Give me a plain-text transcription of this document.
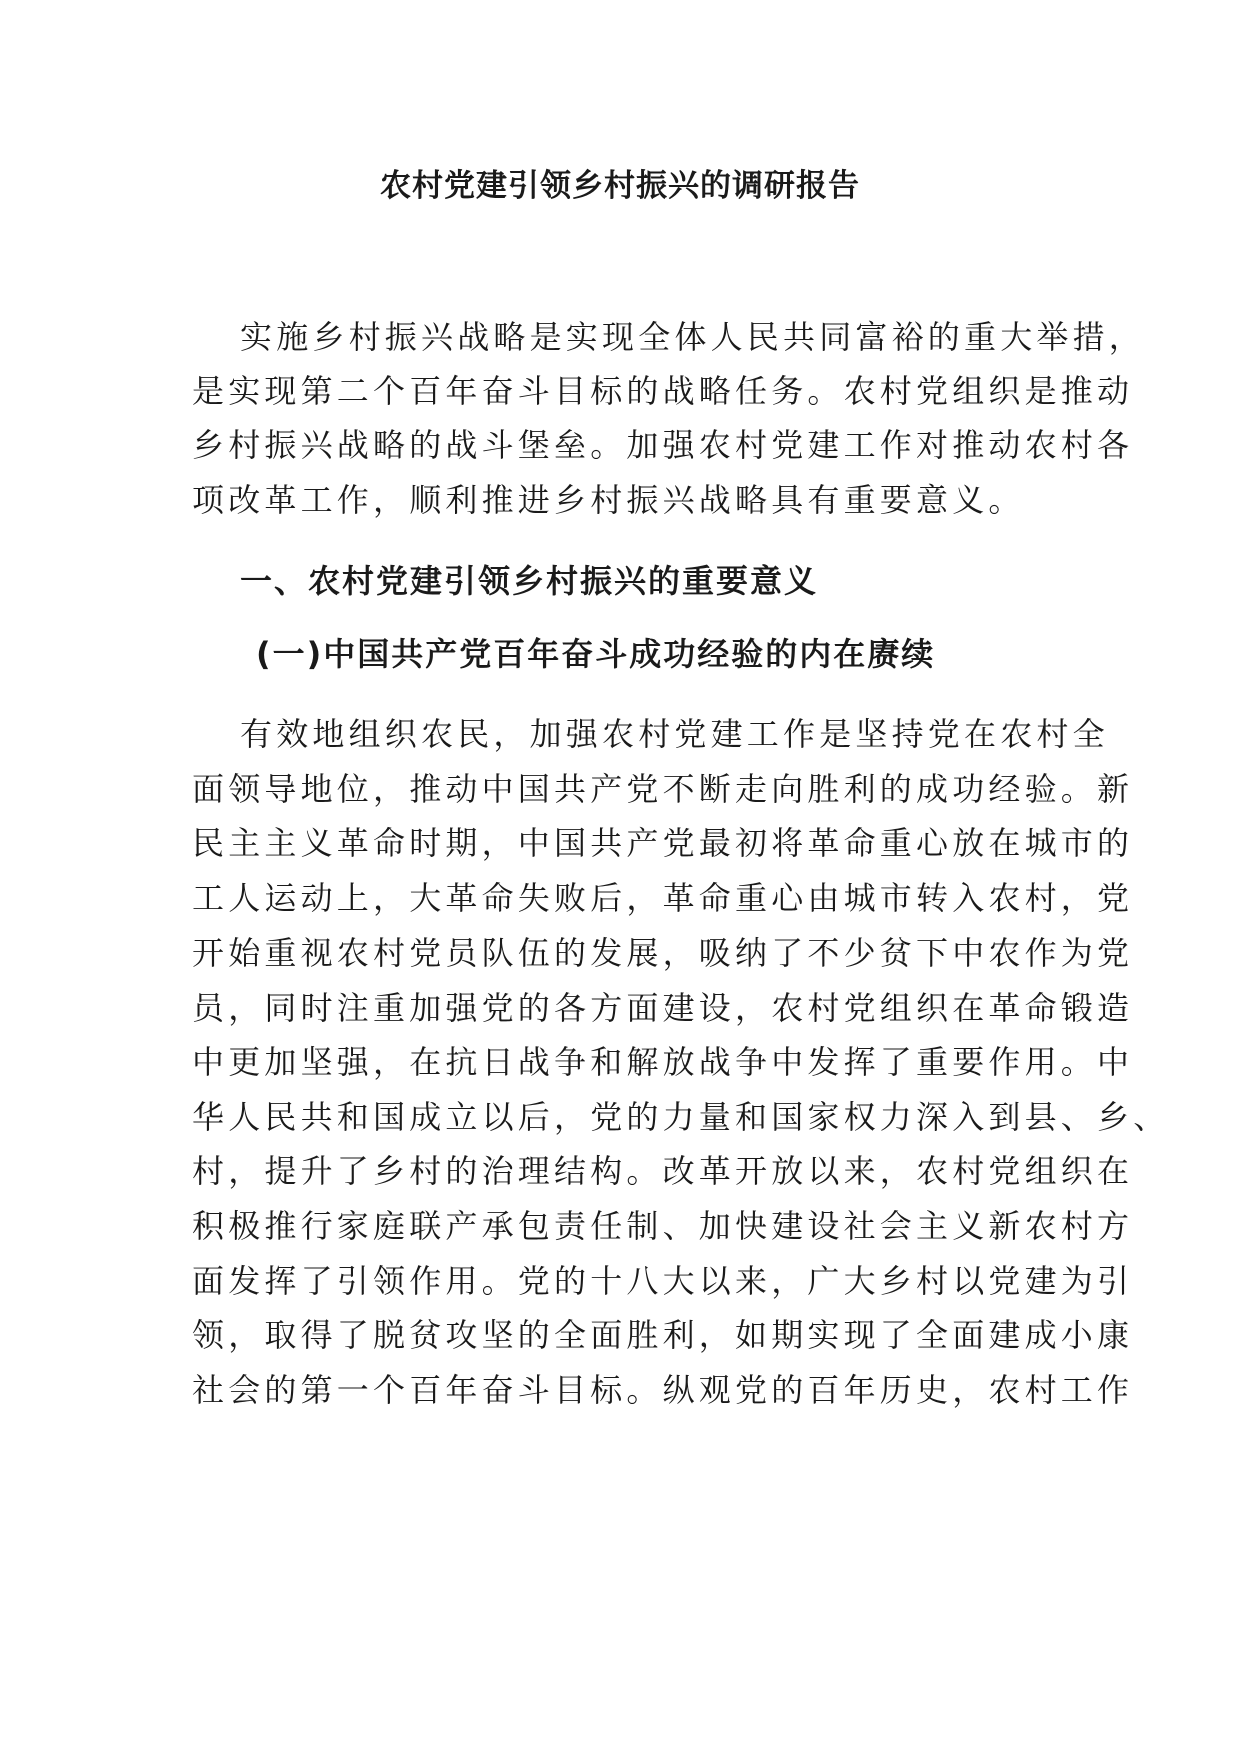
农村党建引领乡村振兴的调研报告
实施乡村振兴战略是实现全体人民共同富裕的重大举措，
是实现第二个百年奋斗目标的战略任务。农村党组织是推动
乡村振兴战略的战斗堡垒。加强农村党建工作对推动农村各
项改革工作，顺利推进乡村振兴战略具有重要意义。
一、农村党建引领乡村振兴的重要意义
(一)中国共产党百年奋斗成功经验的内在赓续
有效地组织农民，加强农村党建工作是坚持党在农村全
面领导地位，推动中国共产党不断走向胜利的成功经验。新
民主主义革命时期，中国共产党最初将革命重心放在城市的
工人运动上，大革命失败后，革命重心由城市转入农村，党
开始重视农村党员队伍的发展，吸纳了不少贫下中农作为党
员，同时注重加强党的各方面建设，农村党组织在革命锻造
中更加坚强，在抗日战争和解放战争中发挥了重要作用。中
华人民共和国成立以后，党的力量和国家权力深入到县、乡、
村，提升了乡村的治理结构。改革开放以来，农村党组织在
积极推行家庭联产承包责任制、加快建设社会主义新农村方
面发挥了引领作用。党的十八大以来，广大乡村以党建为引
领，取得了脱贫攻坚的全面胜利，如期实现了全面建成小康
社会的第一个百年奋斗目标。纵观党的百年历史，农村工作
